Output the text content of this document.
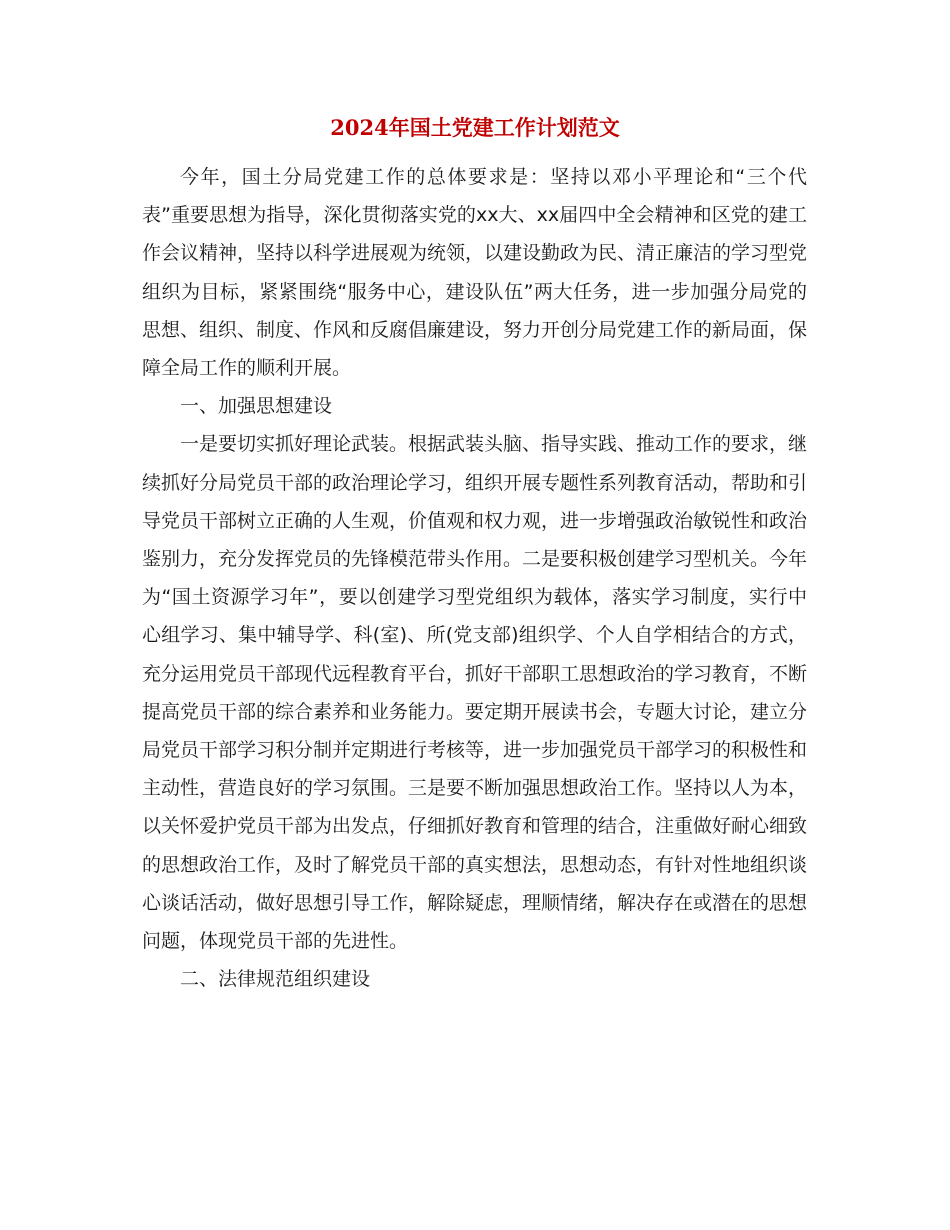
2024年国土党建工作计划范文

今年，国土分局党建工作的总体要求是：坚持以邓小平理论和“三个代表”重要思想为指导，深化贯彻落实党的xx大、xx届四中全会精神和区党的建工作会议精神，坚持以科学进展观为统领，以建设勤政为民、清正廉洁的学习型党组织为目标，紧紧围绕“服务中心，建设队伍”两大任务，进一步加强分局党的思想、组织、制度、作风和反腐倡廉建设，努力开创分局党建工作的新局面，保障全局工作的顺利开展。

一、加强思想建设

一是要切实抓好理论武装。根据武装头脑、指导实践、推动工作的要求，继续抓好分局党员干部的政治理论学习，组织开展专题性系列教育活动，帮助和引导党员干部树立正确的人生观，价值观和权力观，进一步增强政治敏锐性和政治鉴别力，充分发挥党员的先锋模范带头作用。二是要积极创建学习型机关。今年为“国土资源学习年”，要以创建学习型党组织为载体，落实学习制度，实行中心组学习、集中辅导学、科(室)、所(党支部)组织学、个人自学相结合的方式，充分运用党员干部现代远程教育平台，抓好干部职工思想政治的学习教育，不断提高党员干部的综合素养和业务能力。要定期开展读书会，专题大讨论，建立分局党员干部学习积分制并定期进行考核等，进一步加强党员干部学习的积极性和主动性，营造良好的学习氛围。三是要不断加强思想政治工作。坚持以人为本，以关怀爱护党员干部为出发点，仔细抓好教育和管理的结合，注重做好耐心细致的思想政治工作，及时了解党员干部的真实想法，思想动态，有针对性地组织谈心谈话活动，做好思想引导工作，解除疑虑，理顺情绪，解决存在或潜在的思想问题，体现党员干部的先进性。

二、法律规范组织建设
